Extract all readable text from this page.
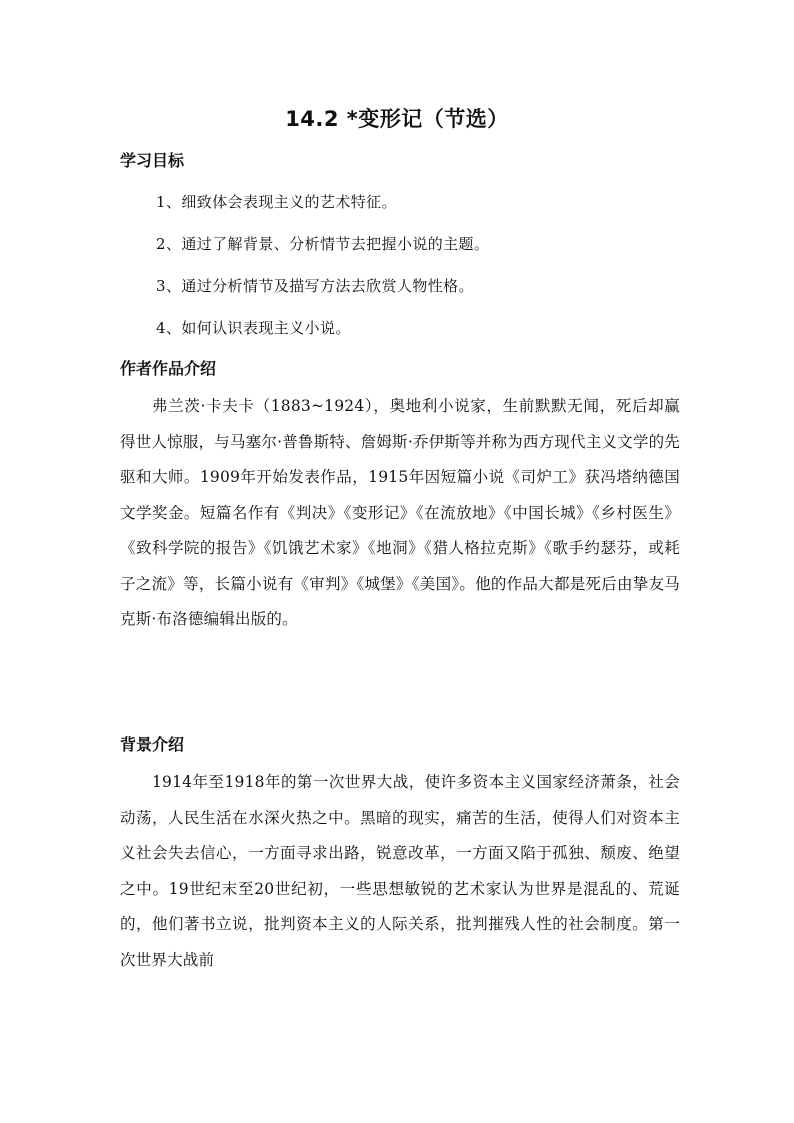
14.2 *变形记（节选）
学习目标
1、细致体会表现主义的艺术特征。
2、通过了解背景、分析情节去把握小说的主题。
3、通过分析情节及描写方法去欣赏人物性格。
4、如何认识表现主义小说。
作者作品介绍
弗兰茨·卡夫卡（1883~1924），奥地利小说家，生前默默无闻，死后却赢得世人惊服，与马塞尔·普鲁斯特、詹姆斯·乔伊斯等并称为西方现代主义文学的先驱和大师。1909年开始发表作品，1915年因短篇小说《司炉工》获冯塔纳德国文学奖金。短篇名作有《判决》《变形记》《在流放地》《中国长城》《乡村医生》《致科学院的报告》《饥饿艺术家》《地洞》《猎人格拉克斯》《歌手约瑟芬，或耗子之流》等，长篇小说有《审判》《城堡》《美国》。他的作品大都是死后由挚友马克斯·布洛德编辑出版的。
背景介绍
1914年至1918年的第一次世界大战，使许多资本主义国家经济萧条，社会动荡，人民生活在水深火热之中。黑暗的现实，痛苦的生活，使得人们对资本主义社会失去信心，一方面寻求出路，锐意改革，一方面又陷于孤独、颓废、绝望之中。19世纪末至20世纪初，一些思想敏锐的艺术家认为世界是混乱的、荒诞的，他们著书立说，批判资本主义的人际关系，批判摧残人性的社会制度。第一次世界大战前
